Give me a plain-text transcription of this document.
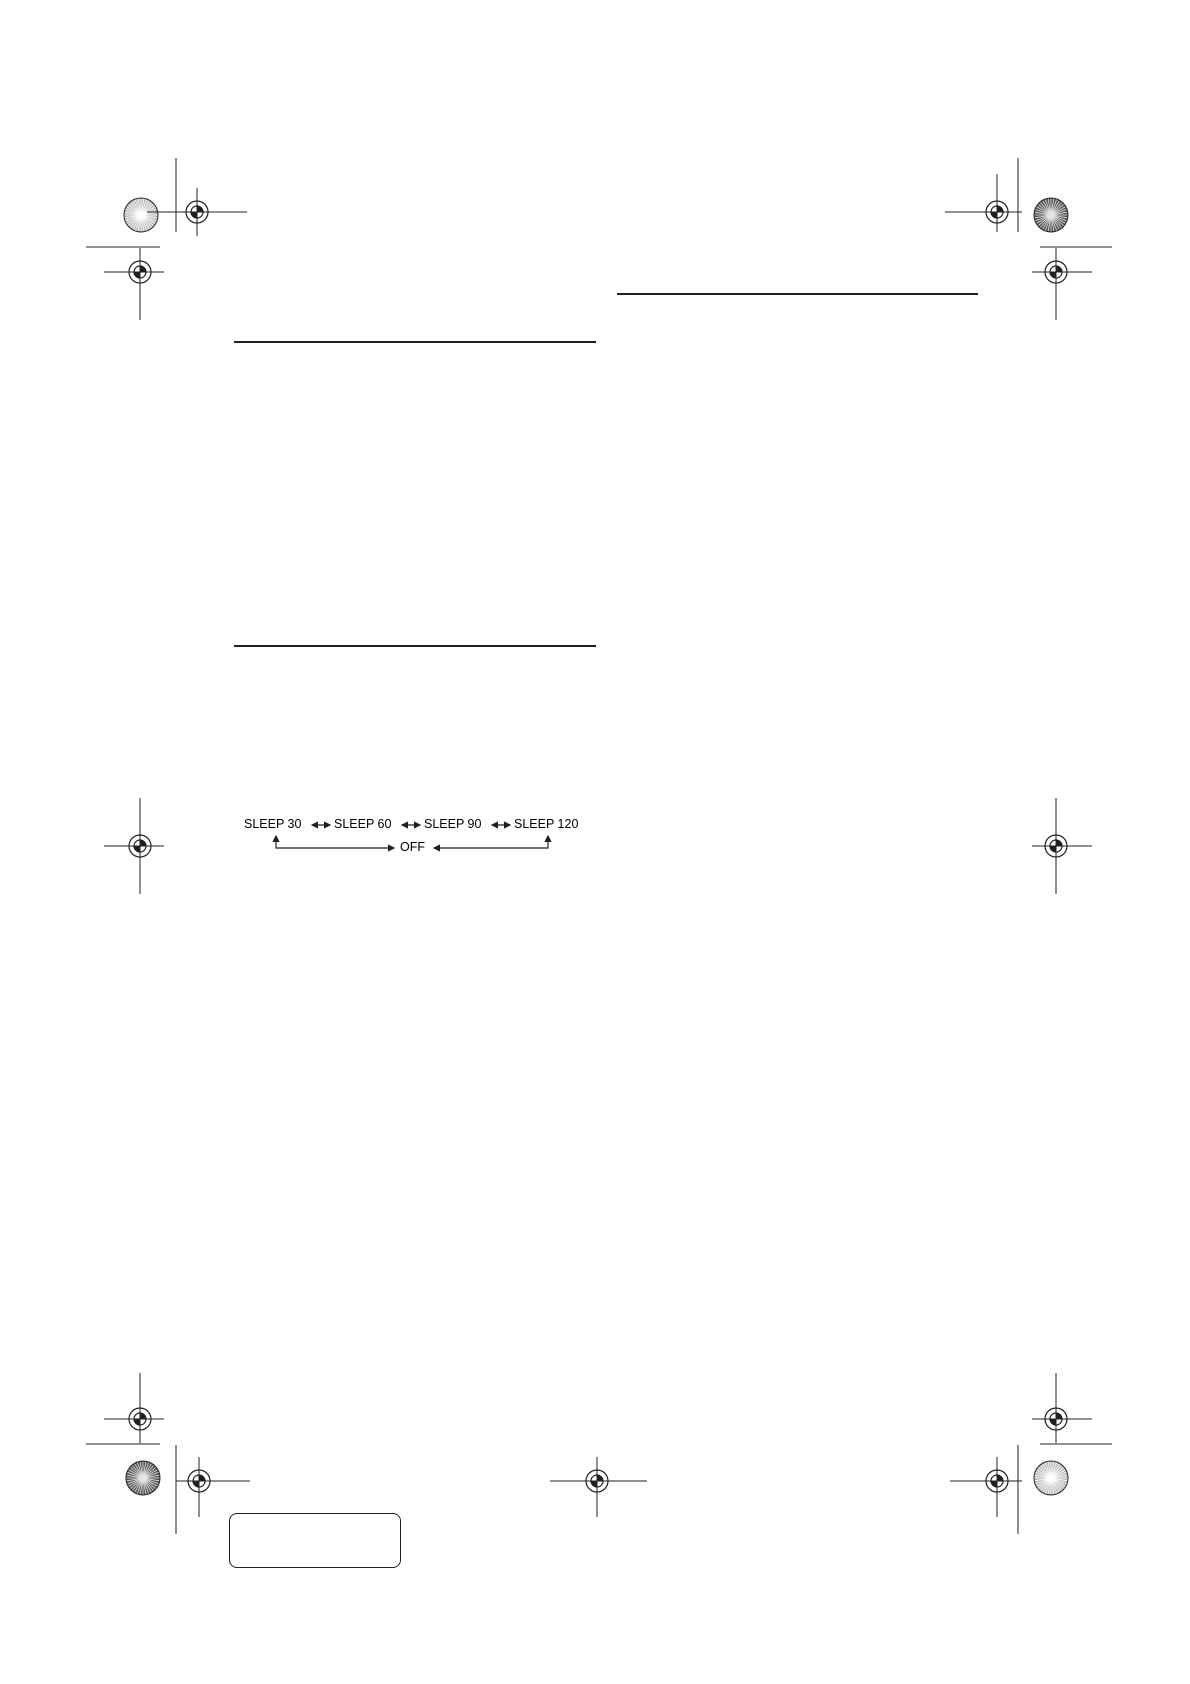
SLEEP 30	SLEEP 60	SLEEP 90	SLEEP 120
OFF
